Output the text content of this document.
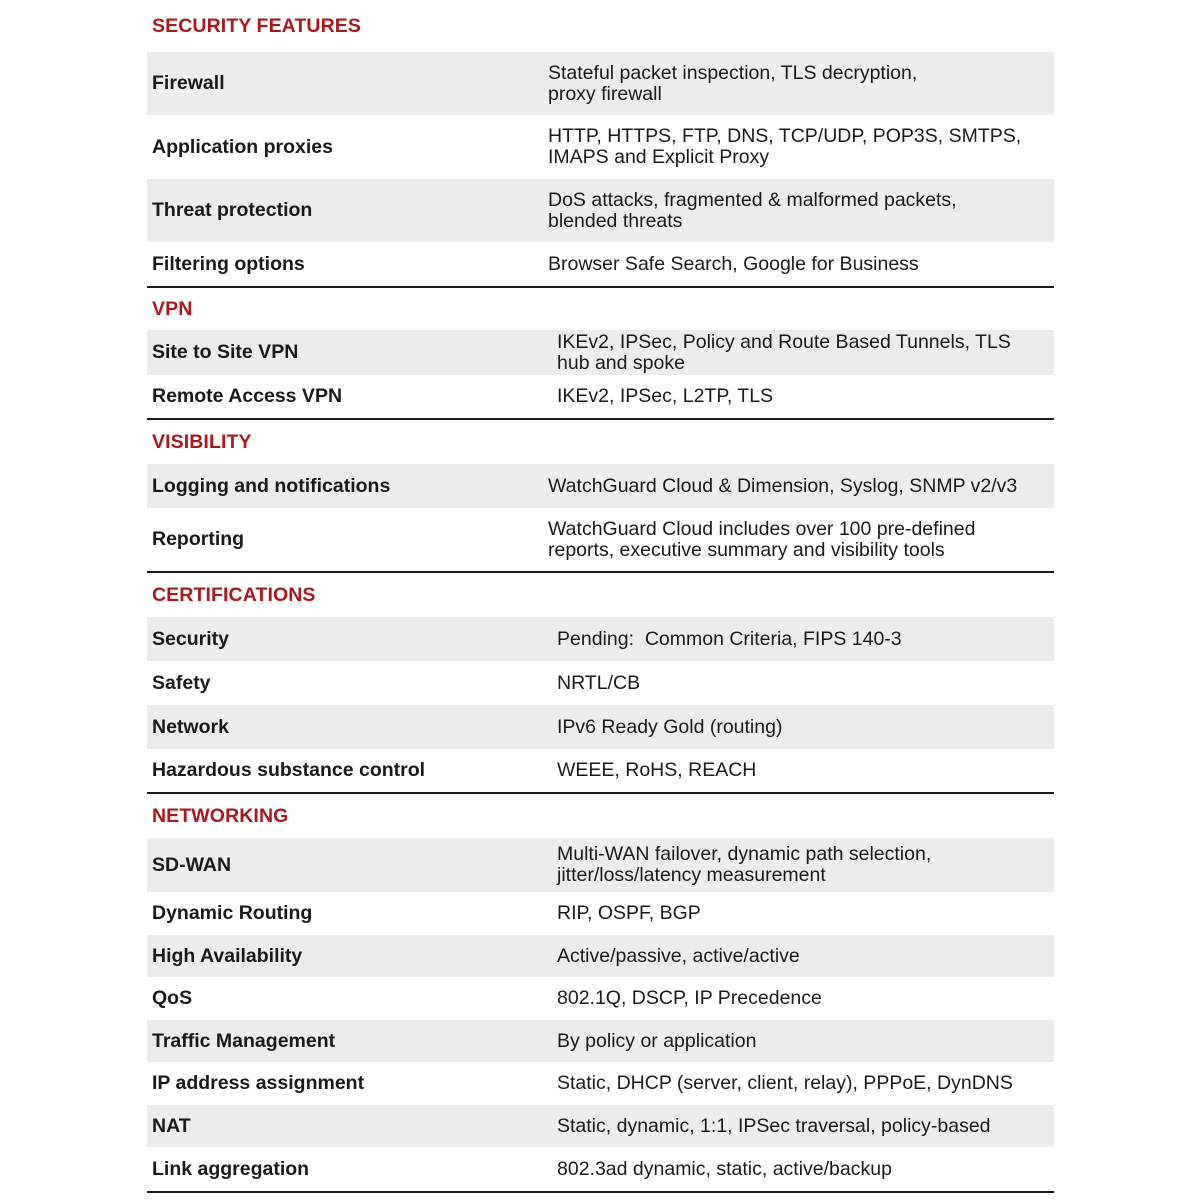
SECURITY FEATURES
Firewall	Stateful packet inspection, TLS decryption, proxy firewall
Application proxies	HTTP, HTTPS, FTP, DNS, TCP/UDP, POP3S, SMTPS, IMAPS and Explicit Proxy
Threat protection	DoS attacks, fragmented & malformed packets, blended threats
Filtering options	Browser Safe Search, Google for Business
VPN
Site to Site VPN	IKEv2, IPSec, Policy and Route Based Tunnels, TLS hub and spoke
Remote Access VPN	IKEv2, IPSec, L2TP, TLS
VISIBILITY
Logging and notifications	WatchGuard Cloud & Dimension, Syslog, SNMP v2/v3
Reporting	WatchGuard Cloud includes over 100 pre-defined reports, executive summary and visibility tools
CERTIFICATIONS
Security	Pending:  Common Criteria, FIPS 140-3
Safety	NRTL/CB
Network	IPv6 Ready Gold (routing)
Hazardous substance control	WEEE, RoHS, REACH
NETWORKING
SD-WAN	Multi-WAN failover, dynamic path selection, jitter/loss/latency measurement
Dynamic Routing	RIP, OSPF, BGP
High Availability	Active/passive, active/active
QoS	802.1Q, DSCP, IP Precedence
Traffic Management	By policy or application
IP address assignment	Static, DHCP (server, client, relay), PPPoE, DynDNS
NAT	Static, dynamic, 1:1, IPSec traversal, policy-based
Link aggregation	802.3ad dynamic, static, active/backup
